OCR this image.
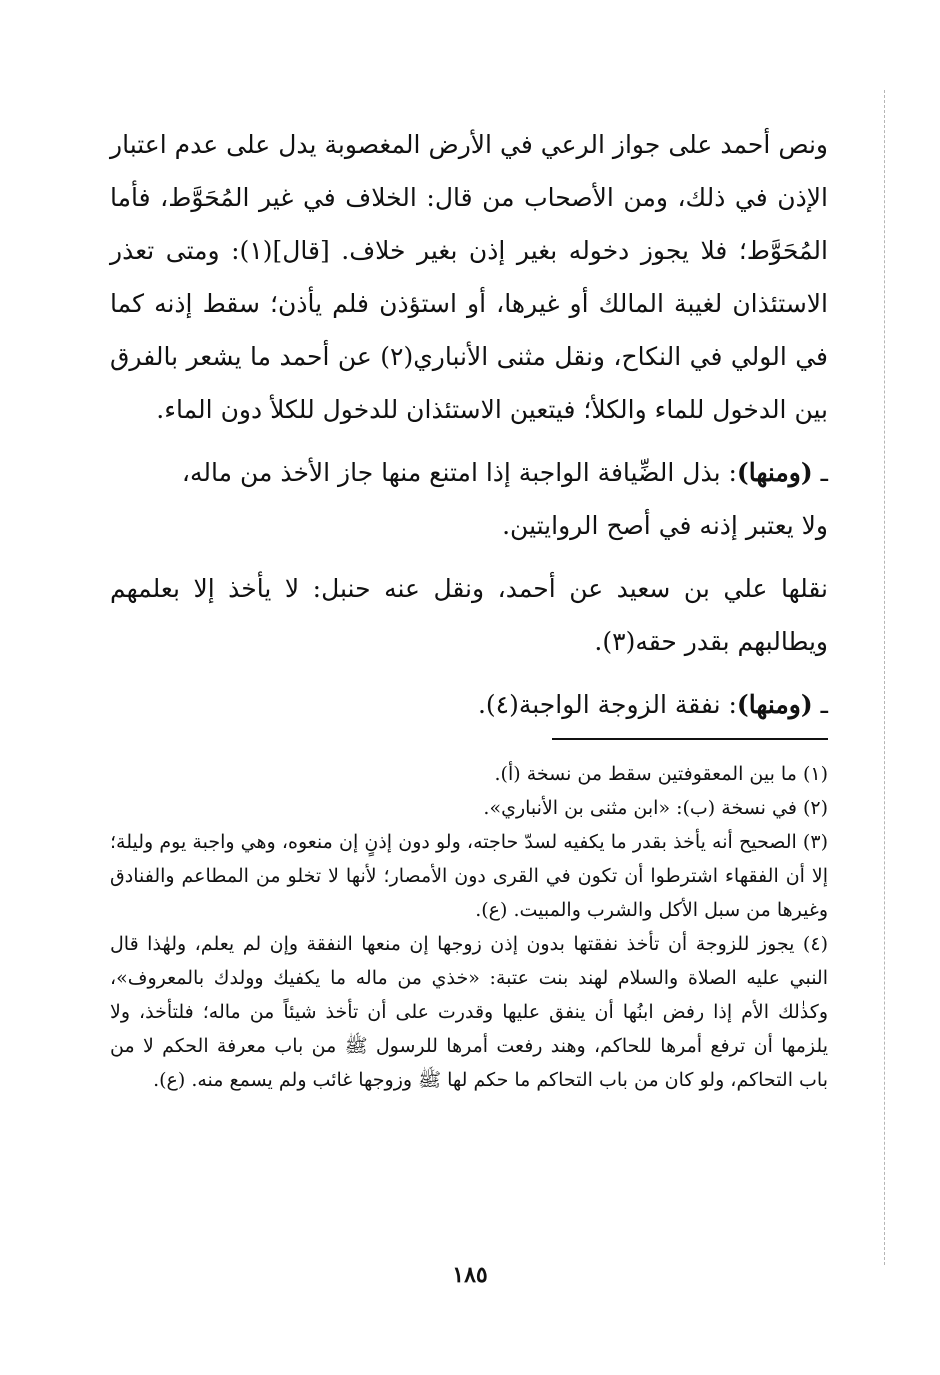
ونص أحمد على جواز الرعي في الأرض المغصوبة يدل على عدم اعتبار الإذن في ذلك، ومن الأصحاب من قال: الخلاف في غير المُحَوَّط، فأما المُحَوَّط؛ فلا يجوز دخوله بغير إذن بغير خلاف. [قال](١): ومتى تعذر الاستئذان لغيبة المالك أو غيرها، أو استؤذن فلم يأذن؛ سقط إذنه كما في الولي في النكاح، ونقل مثنى الأنباري(٢) عن أحمد ما يشعر بالفرق بين الدخول للماء والكلأ؛ فيتعين الاستئذان للدخول للكلأ دون الماء.

ـ (ومنها): بذل الضِّيافة الواجبة إذا امتنع منها جاز الأخذ من ماله،

ولا يعتبر إذنه في أصح الروايتين.

نقلها علي بن سعيد عن أحمد، ونقل عنه حنبل: لا يأخذ إلا بعلمهم ويطالبهم بقدر حقه(٣).

ـ (ومنها): نفقة الزوجة الواجبة(٤).

(١) ما بين المعقوفتين سقط من نسخة (أ).

(٢) في نسخة (ب): «ابن مثنى بن الأنباري».

(٣) الصحيح أنه يأخذ بقدر ما يكفيه لسدّ حاجته، ولو دون إذنٍ إن منعوه، وهي واجبة يوم وليلة؛ إلا أن الفقهاء اشترطوا أن تكون في القرى دون الأمصار؛ لأنها لا تخلو من المطاعم والفنادق وغيرها من سبل الأكل والشرب والمبيت. (ع).

(٤) يجوز للزوجة أن تأخذ نفقتها بدون إذن زوجها إن منعها النفقة وإن لم يعلم، ولهٰذا قال النبي عليه الصلاة والسلام لهند بنت عتبة: «خذي من ماله ما يكفيك وولدك بالمعروف»، وكذٰلك الأم إذا رفض ابنُها أن ينفق عليها وقدرت على أن تأخذ شيئاً من ماله؛ فلتأخذ، ولا يلزمها أن ترفع أمرها للحاكم، وهند رفعت أمرها للرسول ﷺ من باب معرفة الحكم لا من باب التحاكم، ولو كان من باب التحاكم ما حكم لها ﷺ وزوجها غائب ولم يسمع منه. (ع).

١٨٥
